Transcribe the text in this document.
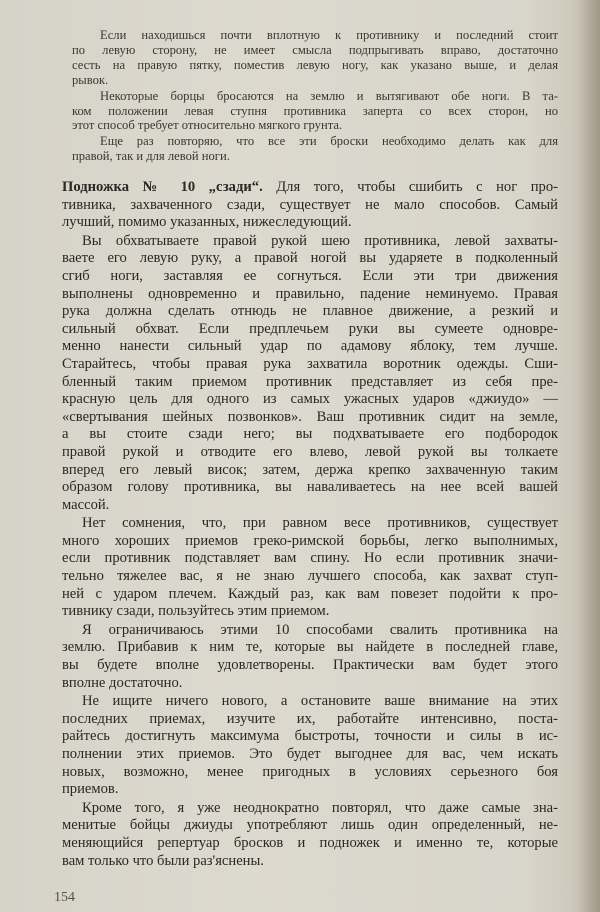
Если находишься почти вплотную к противнику и последний стоит
по левую сторону, не имеет смысла подпрыгивать вправо, достаточно
сесть на правую пятку, поместив левую ногу, как указано выше, и делая
рывок.
Некоторые борцы бросаются на землю и вытягивают обе ноги. В та-
ком положении левая ступня противника заперта со всех сторон, но
этот способ требует относительно мягкого грунта.
Еще раз повторяю, что все эти броски необходимо делать как для
правой, так и для левой ноги.
Подножка № 10 „сзади“. Для того, чтобы сшибить с ног про-
тивника, захваченного сзади, существует не мало способов. Самый
лучший, помимо указанных, нижеследующий.
Вы обхватываете правой рукой шею противника, левой захваты-
ваете его левую руку, а правой ногой вы ударяете в подколенный
сгиб ноги, заставляя ее согнуться. Если эти три движения
выполнены одновременно и правильно, падение неминуемо. Правая
рука должна сделать отнюдь не плавное движение, а резкий и
сильный обхват. Если предплечьем руки вы сумеете одновре-
менно нанести сильный удар по адамову яблоку, тем лучше.
Старайтесь, чтобы правая рука захватила воротник одежды. Сши-
бленный таким приемом противник представляет из себя пре-
красную цель для одного из самых ужасных ударов «джиудо» —
«свертывания шейных позвонков». Ваш противник сидит на земле,
а вы стоите сзади него; вы подхватываете его подбородок
правой рукой и отводите его влево, левой рукой вы толкаете
вперед его левый висок; затем, держа крепко захваченную таким
образом голову противника, вы наваливаетесь на нее всей вашей
массой.
Нет сомнения, что, при равном весе противников, существует
много хороших приемов греко-римской борьбы, легко выполнимых,
если противник подставляет вам спину. Но если противник значи-
тельно тяжелее вас, я не знаю лучшего способа, как захват ступ-
ней с ударом плечем. Каждый раз, как вам повезет подойти к про-
тивнику сзади, пользуйтесь этим приемом.
Я ограничиваюсь этими 10 способами свалить противника на
землю. Прибавив к ним те, которые вы найдете в последней главе,
вы будете вполне удовлетворены. Практически вам будет этого
вполне достаточно.
Не ищите ничего нового, а остановите ваше внимание на этих
последних приемах, изучите их, работайте интенсивно, поста-
райтесь достигнуть максимума быстроты, точности и силы в ис-
полнении этих приемов. Это будет выгоднее для вас, чем искать
новых, возможно, менее пригодных в условиях серьезного боя
приемов.
Кроме того, я уже неоднократно повторял, что даже самые зна-
менитые бойцы джиуды употребляют лишь один определенный, не-
меняющийся репертуар бросков и подножек и именно те, которые
вам только что были раз'яснены.
154
